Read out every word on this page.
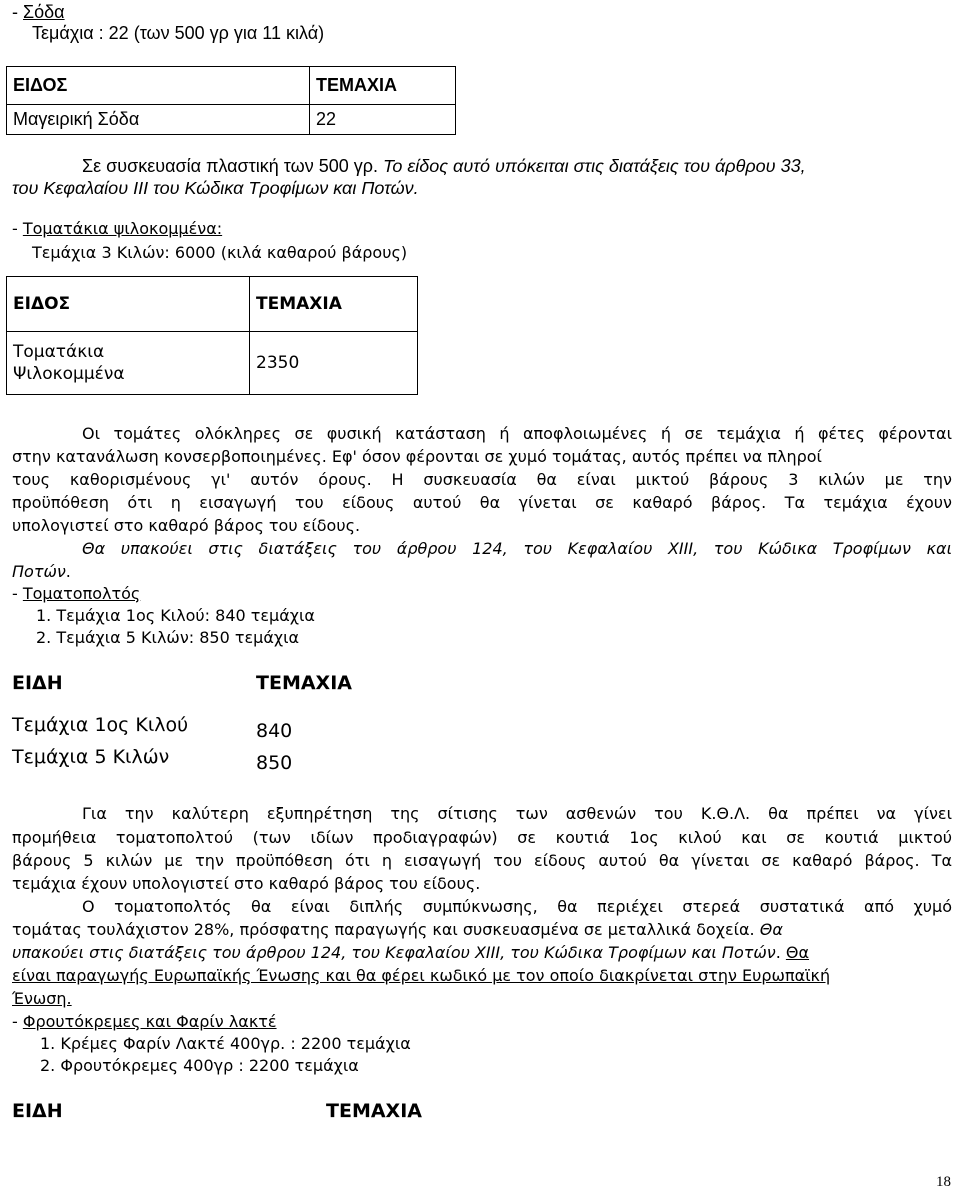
- Σόδα
Τεμάχια : 22 (των 500 γρ για 11 κιλά)
ΕΙΔΟΣ	ΤΕΜΑΧΙΑ
Μαγειρική Σόδα	22
Σε συσκευασία πλαστική των 500 γρ. Το είδος αυτό υπόκειται στις διατάξεις του άρθρου 33,
του Κεφαλαίου ΙΙΙ του Κώδικα Τροφίμων και Ποτών.
- Τοματάκια ψιλοκομμένα:
Τεμάχια 3 Κιλών: 6000 (κιλά καθαρού βάρους)
ΕΙΔΟΣ	ΤΕΜΑΧΙΑ
Τοματάκια
Ψιλοκομμένα	2350
Οι τομάτες ολόκληρες σε φυσική κατάσταση ή αποφλοιωμένες ή σε τεμάχια ή φέτες φέρονται
στην κατανάλωση κονσερβοποιημένες. Εφ' όσον φέρονται σε χυμό τομάτας, αυτός πρέπει να πληροί
τους καθορισμένους γι' αυτόν όρους. Η συσκευασία θα είναι μικτού βάρους 3 κιλών με την
προϋπόθεση ότι η εισαγωγή του είδους αυτού θα γίνεται σε καθαρό βάρος. Τα τεμάχια έχουν
υπολογιστεί στο καθαρό βάρος του είδους.
Θα υπακούει στις διατάξεις του άρθρου 124, του Κεφαλαίου ΧΙΙΙ, του Κώδικα Τροφίμων και
Ποτών.
- Τοματοπολτός
1. Τεμάχια 1ος Κιλού: 840 τεμάχια
2. Τεμάχια 5 Κιλών: 850 τεμάχια
ΕΙΔΗ	ΤΕΜΑΧΙΑ
Τεμάχια 1ος Κιλού	840
Τεμάχια 5 Κιλών	850
Για την καλύτερη εξυπηρέτηση της σίτισης των ασθενών του Κ.Θ.Λ. θα πρέπει να γίνει
προμήθεια τοματοπολτού (των ιδίων προδιαγραφών) σε κουτιά 1ος κιλού και σε κουτιά μικτού
βάρους 5 κιλών με την προϋπόθεση ότι η εισαγωγή του είδους αυτού θα γίνεται σε καθαρό βάρος. Τα
τεμάχια έχουν υπολογιστεί στο καθαρό βάρος του είδους.
Ο τοματοπολτός θα είναι διπλής συμπύκνωσης, θα περιέχει στερεά συστατικά από χυμό
τομάτας τουλάχιστον 28%, πρόσφατης παραγωγής και συσκευασμένα σε μεταλλικά δοχεία. Θα
υπακούει στις διατάξεις του άρθρου 124, του Κεφαλαίου ΧΙΙΙ, του Κώδικα Τροφίμων και Ποτών. Θα
είναι παραγωγής Ευρωπαϊκής Ένωσης και θα φέρει κωδικό με τον οποίο διακρίνεται στην Ευρωπαϊκή
Ένωση.
- Φρουτόκρεμες και Φαρίν λακτέ
1. Κρέμες Φαρίν Λακτέ 400γρ. : 2200 τεμάχια
2. Φρουτόκρεμες 400γρ : 2200 τεμάχια
ΕΙΔΗ	ΤΕΜΑΧΙΑ
18
